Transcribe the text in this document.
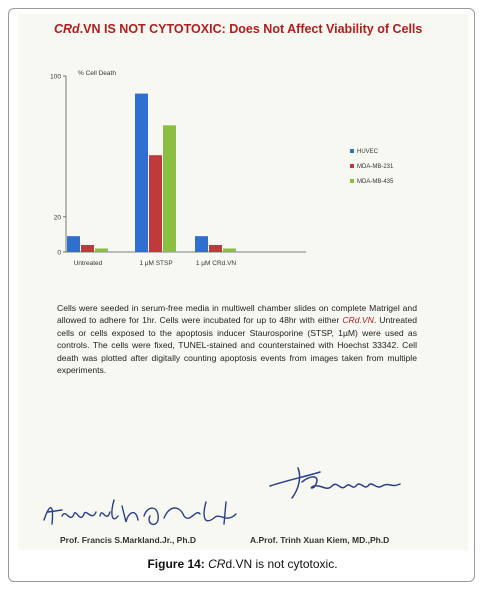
CRd.VN IS NOT CYTOTOXIC: Does Not Affect Viability of Cells
0
20
100	% Cell Death
Untreated	1 µM STSP	1 µM CRd.VN
HUVEC
MDA-MB-231
MDA-MB-435
Cells were seeded in serum-free media in multiwell chamber slides on complete Matrigel and allowed to adhere for 1hr. Cells were incubated for up to 48hr with either CRd.VN. Untreated cells or cells exposed to the apoptosis inducer Staurosporine (STSP, 1µM) were used as controls. The cells were fixed, TUNEL-stained and counterstained with Hoechst 33342. Cell death was plotted after digitally counting apoptosis events from images taken from multiple experiments.
Prof. Francis S.Markland.Jr., Ph.D	A.Prof. Trinh Xuan Kiem, MD.,Ph.D
Figure 14: CRd.VN is not cytotoxic.
